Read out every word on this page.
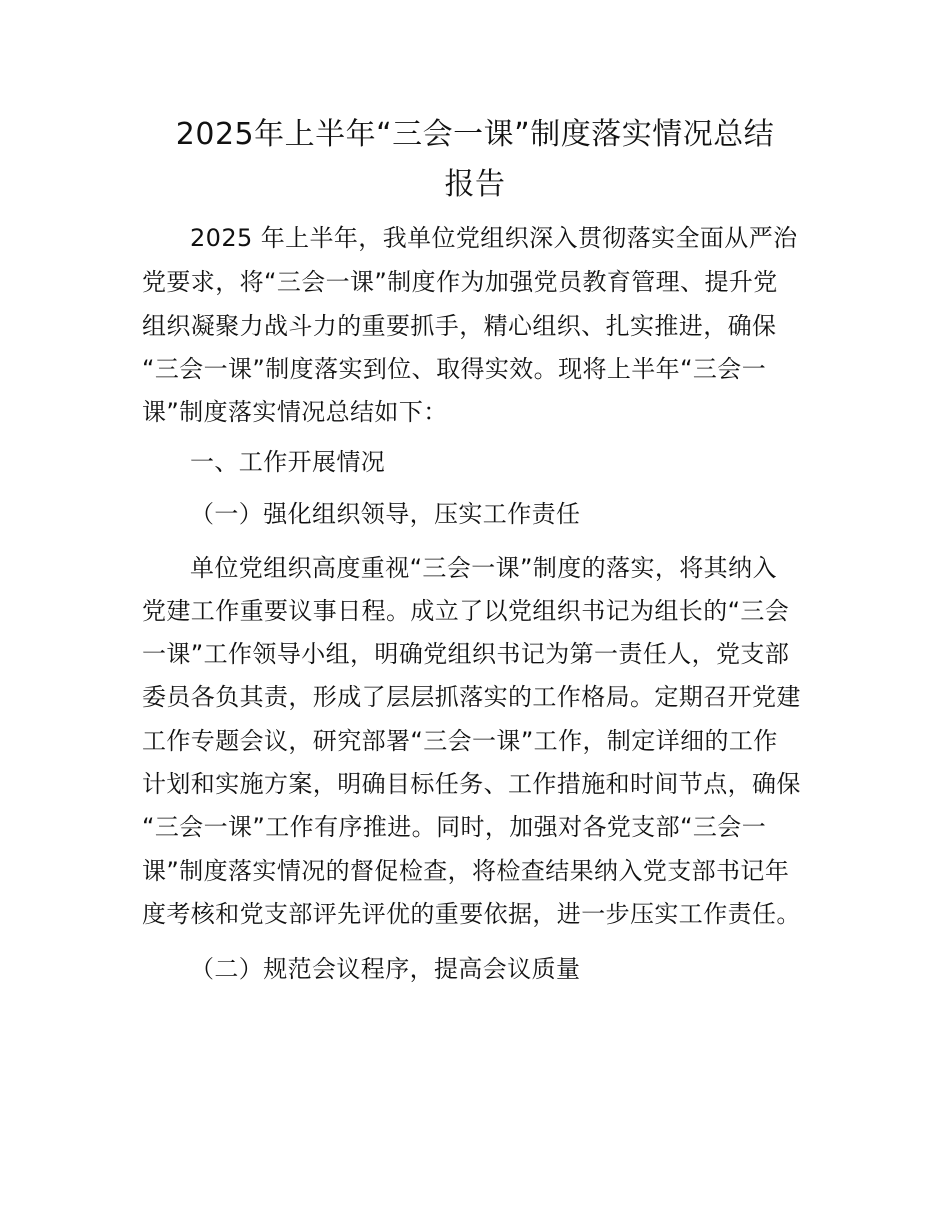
2025年上半年“三会一课”制度落实情况总结
报告

2025 年上半年，我单位党组织深入贯彻落实全面从严治

党要求，将“三会一课”制度作为加强党员教育管理、提升党

组织凝聚力战斗力的重要抓手，精心组织、扎实推进，确保

“三会一课”制度落实到位、取得实效。现将上半年“三会一

课”制度落实情况总结如下：

一、工作开展情况

（一）强化组织领导，压实工作责任

单位党组织高度重视“三会一课”制度的落实，将其纳入

党建工作重要议事日程。成立了以党组织书记为组长的“三会

一课”工作领导小组，明确党组织书记为第一责任人，党支部

委员各负其责，形成了层层抓落实的工作格局。定期召开党建

工作专题会议，研究部署“三会一课”工作，制定详细的工作

计划和实施方案，明确目标任务、工作措施和时间节点，确保

“三会一课”工作有序推进。同时，加强对各党支部“三会一

课”制度落实情况的督促检查，将检查结果纳入党支部书记年

度考核和党支部评先评优的重要依据，进一步压实工作责任。

（二）规范会议程序，提高会议质量
